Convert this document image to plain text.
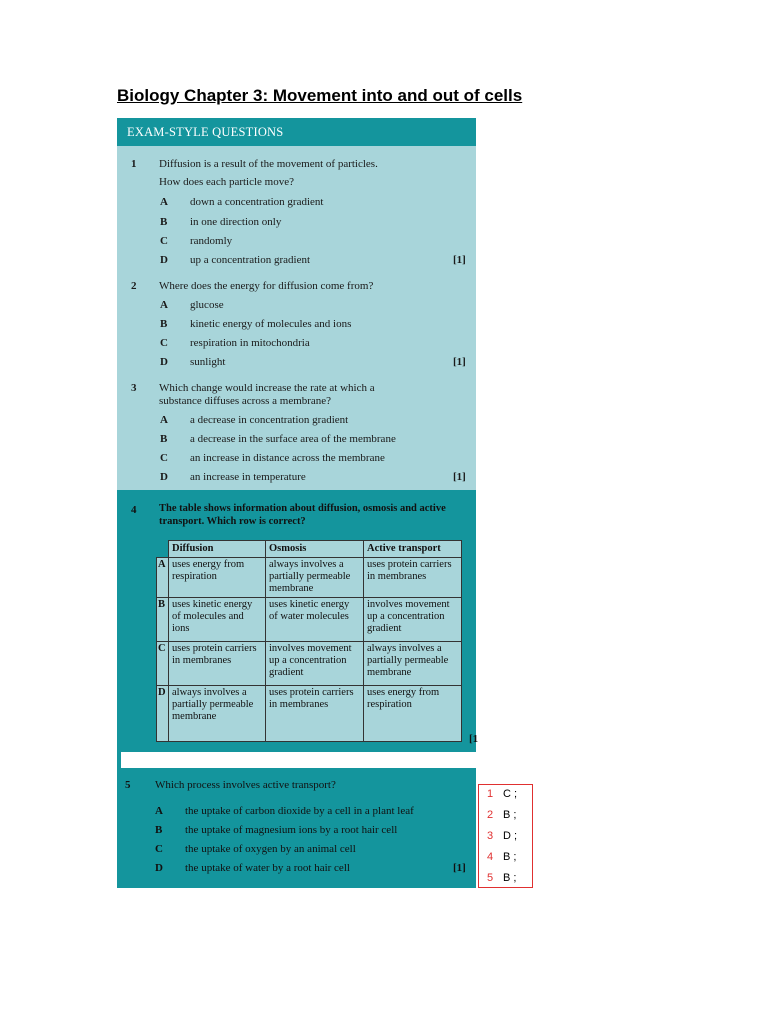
Biology Chapter 3: Movement into and out of cells
EXAM-STYLE QUESTIONS
1 Diffusion is a result of the movement of particles.
How does each particle move?
A down a concentration gradient
B in one direction only
C randomly
D up a concentration gradient	[1]
2 Where does the energy for diffusion come from?
A glucose
B kinetic energy of molecules and ions
C respiration in mitochondria
D sunlight	[1]
3 Which change would increase the rate at which a
substance diffuses across a membrane?
A a decrease in concentration gradient
B a decrease in the surface area of the membrane
C an increase in distance across the membrane
D an increase in temperature	[1]
4 The table shows information about diffusion, osmosis and active
transport. Which row is correct?
[1
	Diffusion	Osmosis	Active transport
A	uses energy from respiration	always involves a partially permeable membrane	uses protein carriers in membranes
B	uses kinetic energy of molecules and ions	uses kinetic energy of water molecules	involves movement up a concentration gradient
C	uses protein carriers in membranes	involves movement up a concentration gradient	always involves a partially permeable membrane
D	always involves a partially permeable membrane	uses protein carriers in membranes	uses energy from respiration
5 Which process involves active transport?
A the uptake of carbon dioxide by a cell in a plant leaf
B the uptake of magnesium ions by a root hair cell
C the uptake of oxygen by an animal cell
D the uptake of water by a root hair cell	[1]
1 C ;
2 B ;
3 D ;
4 B ;
5 B ;
